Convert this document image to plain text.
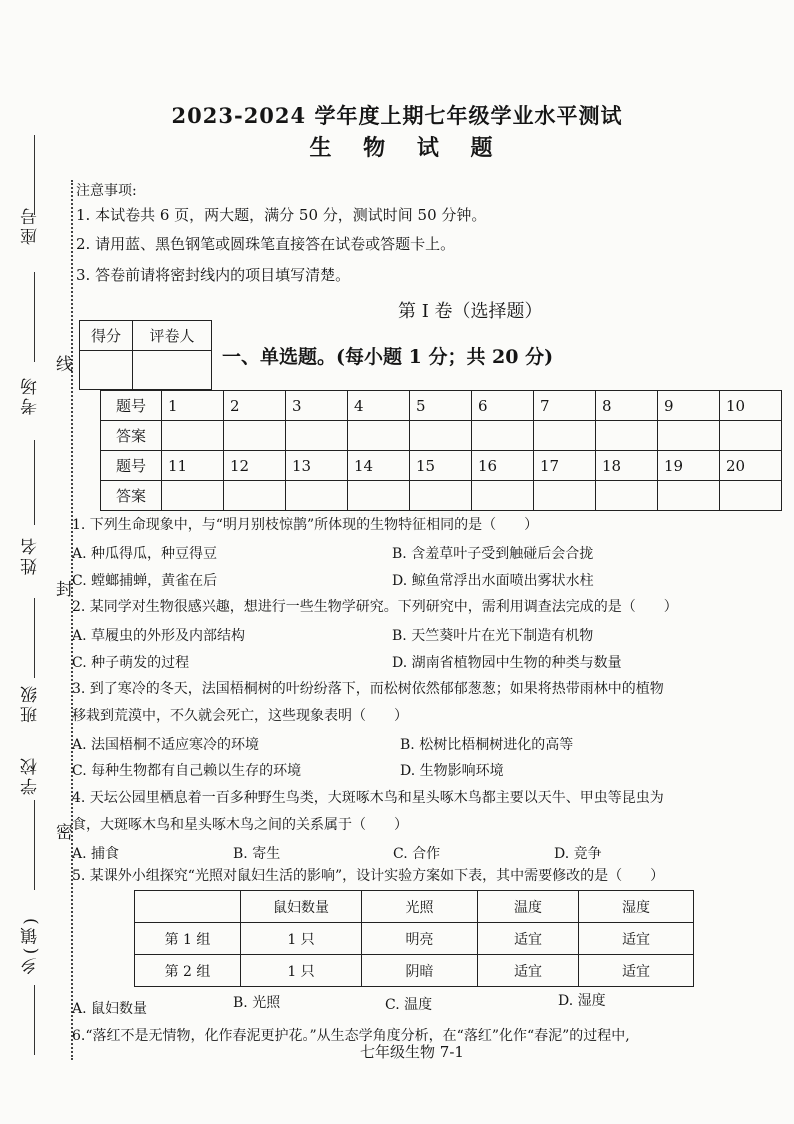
座号
考场
姓名
班级
学校
乡(镇)
线
封
密
2023-2024 学年度上期七年级学业水平测试
生 物 试 题
注意事项:
1. 本试卷共 6 页，两大题，满分 50 分，测试时间 50 分钟。
2. 请用蓝、黑色钢笔或圆珠笔直接答在试卷或答题卡上。
3. 答卷前请将密封线内的项目填写清楚。
第 I 卷（选择题）
得分	评卷人

一、单选题。(每小题 1 分；共 20 分)
题号	1	2	3	4	5	6	7	8	9	10
答案										
题号	11	12	13	14	15	16	17	18	19	20
答案										
1. 下列生命现象中，与“明月别枝惊鹊”所体现的生物特征相同的是（　　）
A. 种瓜得瓜，种豆得豆	B. 含羞草叶子受到触碰后会合拢
C. 螳螂捕蝉，黄雀在后	D. 鲸鱼常浮出水面喷出雾状水柱
2. 某同学对生物很感兴趣，想进行一些生物学研究。下列研究中，需利用调查法完成的是（　　）
A. 草履虫的外形及内部结构	B. 天竺葵叶片在光下制造有机物
C. 种子萌发的过程	D. 湖南省植物园中生物的种类与数量
3. 到了寒冷的冬天，法国梧桐树的叶纷纷落下，而松树依然郁郁葱葱；如果将热带雨林中的植物
移栽到荒漠中，不久就会死亡，这些现象表明（　　）
A. 法国梧桐不适应寒冷的环境	B. 松树比梧桐树进化的高等
C. 每种生物都有自己赖以生存的环境	D. 生物影响环境
4. 天坛公园里栖息着一百多种野生鸟类，大斑啄木鸟和星头啄木鸟都主要以天牛、甲虫等昆虫为
食，大斑啄木鸟和星头啄木鸟之间的关系属于（　　）
A. 捕食	B. 寄生	C. 合作	D. 竞争
5. 某课外小组探究“光照对鼠妇生活的影响”，设计实验方案如下表，其中需要修改的是（　　）
	鼠妇数量	光照	温度	湿度
第 1 组	1 只	明亮	适宜	适宜
第 2 组	1 只	阴暗	适宜	适宜
A. 鼠妇数量	B. 光照	C. 温度	D. 湿度
6.“落红不是无情物，化作春泥更护花。”从生态学角度分析，在“落红”化作“春泥”的过程中,
七年级生物 7-1
